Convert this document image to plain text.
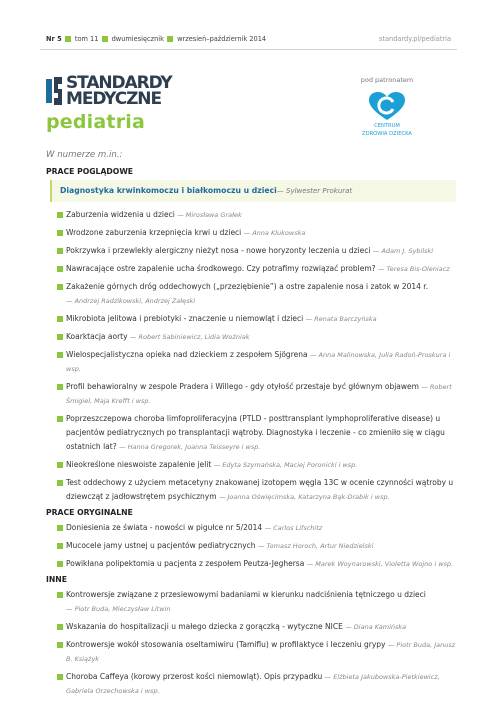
Nr 5 tom 11 dwumiesięcznik wrzesień–październik 2014	standardy.pl/pediatria
STANDARDY
MEDYCZNE
pediatria
pod patronatem
CENTRUM
ZDROWIA DZIECKA
W numerze m.in.:
PRACE POGLĄDOWE
Diagnostyka krwinkomoczu i białkomoczu u dzieci— Sylwester Prokurat
Zaburzenia widzenia u dzieci — Mirosława Grałek
Wrodzone zaburzenia krzepnięcia krwi u dzieci — Anna Klukowska
Pokrzywka i przewlekły alergiczny nieżyt nosa - nowe horyzonty leczenia u dzieci — Adam J. Sybilski
Nawracające ostre zapalenie ucha środkowego. Czy potrafimy rozwiązać problem? — Teresa Bis-Oleniacz
Zakażenie górnych dróg oddechowych („przeziębienie”) a ostre zapalenie nosa i zatok w 2014 r.
— Andrzej Radzikowski, Andrzej Załęski
Mikrobiota jelitowa i prebiotyki - znaczenie u niemowląt i dzieci — Renata Barczyńska
Koarktacja aorty — Robert Sabiniewicz, Lidia Woźniak
Wielospecjalistyczna opieka nad dzieckiem z zespołem Sjögrena — Anna Malinowska, Julia Radoń-Proskura i wsp.
Profil behawioralny w zespole Pradera i Willego - gdy otyłość przestaje być głównym objawem — Robert Śmigiel, Maja Krefft i wsp.
Poprzeszczepowa choroba limfoproliferacyjna (PTLD - posttransplant lymphoproliferative disease) u pacjentów pediatrycznych po transplantacji wątroby. Diagnostyka i leczenie - co zmieniło się w ciągu ostatnich lat? — Hanna Gregorek, Joanna Teisseyre i wsp.
Nieokreślone nieswoiste zapalenie jelit — Edyta Szymańska, Maciej Poronicki i wsp.
Test oddechowy z użyciem metacetyny znakowanej izotopem węgla 13C w ocenie czynności wątroby u dziewcząt z jadłowstrętem psychicznym — Joanna Oświęcimska, Katarzyna Bąk-Drabik i wsp.
PRACE ORYGINALNE
Doniesienia ze świata - nowości w pigułce nr 5/2014 — Carlos Lifschitz
Mucocele jamy ustnej u pacjentów pediatrycznych — Tomasz Horoch, Artur Niedzielski
Powikłana polipektomia u pacjenta z zespołem Peutza-Jeghersa — Marek Woynarowski, Violetta Wojno i wsp.
INNE
Kontrowersje związane z przesiewowymi badaniami w kierunku nadciśnienia tętniczego u dzieci
— Piotr Buda, Mieczysław Litwin
Wskazania do hospitalizacji u małego dziecka z gorączką - wytyczne NICE — Diana Kamińska
Kontrowersje wokół stosowania oseltamiwiru (Tamiflu) w profilaktyce i leczeniu grypy — Piotr Buda, Janusz B. Książyk
Choroba Caffeya (korowy przerost kości niemowląt). Opis przypadku — Elżbieta Jakubowska-Pietkiewicz, Gabriela Orzechowska i wsp.
